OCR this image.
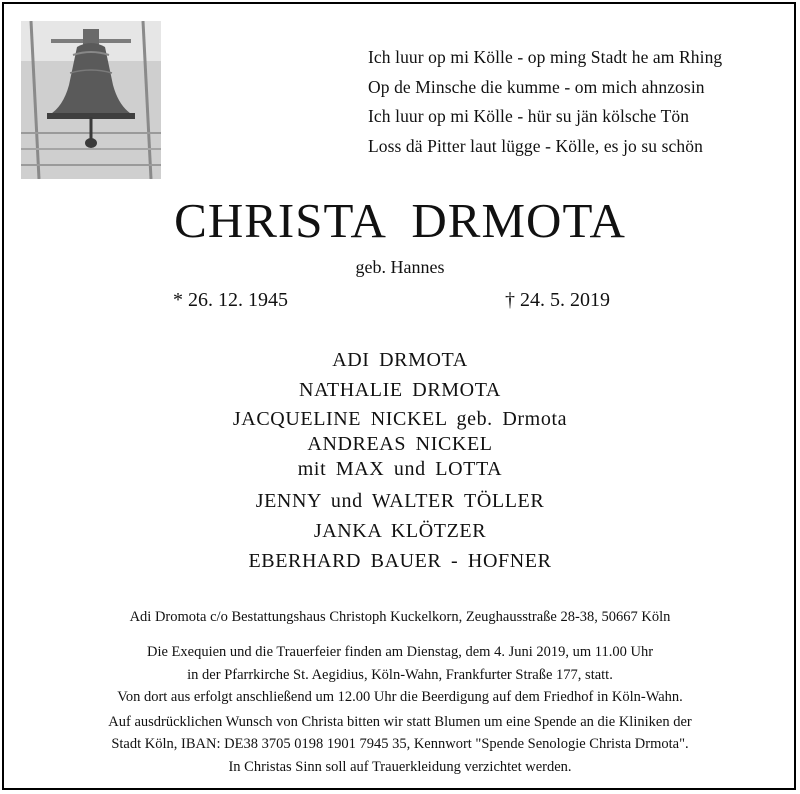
Ich luur op mi Kölle - op ming Stadt he am Rhing
Op de Minsche die kumme - om mich ahnzosin
Ich luur op mi Kölle - hür su jän kölsche Tön
Loss dä Pitter laut lügge - Kölle, es jo su schön
CHRISTA DRMOTA
geb. Hannes
* 26. 12. 1945	† 24. 5. 2019
ADI DRMOTA
NATHALIE DRMOTA
JACQUELINE NICKEL geb. Drmota
ANDREAS NICKEL
mit MAX und LOTTA
JENNY und WALTER TÖLLER
JANKA KLÖTZER
EBERHARD BAUER - HOFNER
Adi Dromota c/o Bestattungshaus Christoph Kuckelkorn, Zeughausstraße 28-38, 50667 Köln
Die Exequien und die Trauerfeier finden am Dienstag, dem 4. Juni 2019, um 11.00 Uhr
in der Pfarrkirche St. Aegidius, Köln-Wahn, Frankfurter Straße 177, statt.
Von dort aus erfolgt anschließend um 12.00 Uhr die Beerdigung auf dem Friedhof in Köln-Wahn.
Auf ausdrücklichen Wunsch von Christa bitten wir statt Blumen um eine Spende an die Kliniken der
Stadt Köln, IBAN: DE38 3705 0198 1901 7945 35, Kennwort "Spende Senologie Christa Drmota".
In Christas Sinn soll auf Trauerkleidung verzichtet werden.
